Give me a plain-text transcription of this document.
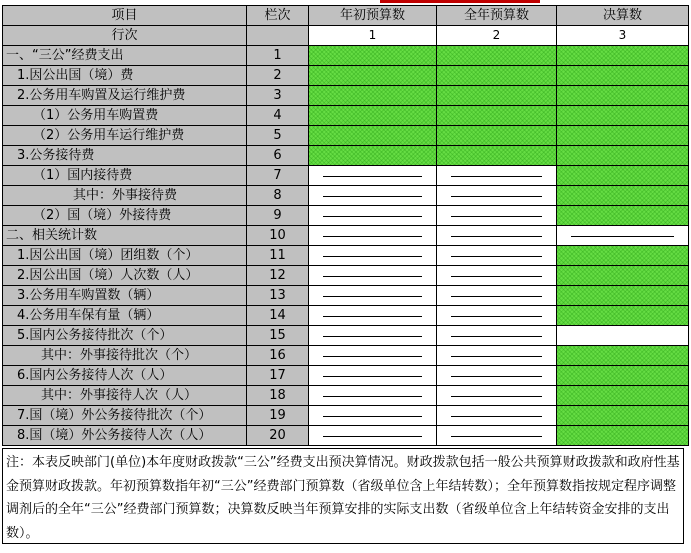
项目	栏次	年初预算数	全年预算数	决算数
行次		1	2	3
一、“三公”经费支出	1			
1.因公出国（境）费	2			
2.公务用车购置及运行维护费	3			
（1）公务用车购置费	4			
（2）公务用车运行维护费	5			
3.公务接待费	6			
（1）国内接待费	7			
其中：外事接待费	8			
（2）国（境）外接待费	9			
二、相关统计数	10			
1.因公出国（境）团组数（个）	11			
2.因公出国（境）人次数（人）	12			
3.公务用车购置数（辆）	13			
4.公务用车保有量（辆）	14			
5.国内公务接待批次（个）	15			
其中：外事接待批次（个）	16			
6.国内公务接待人次（人）	17			
其中：外事接待人次（人）	18			
7.国（境）外公务接待批次（个）	19			
8.国（境）外公务接待人次（人）	20			
注：本表反映部门(单位)本年度财政拨款“三公”经费支出预决算情况。财政拨款包括一般公共预算财政拨款和政府性基金预算财政拨款。年初预算数指年初“三公”经费部门预算数（省级单位含上年结转数）；全年预算数指按规定程序调整调剂后的全年“三公”经费部门预算数；决算数反映当年预算安排的实际支出数（省级单位含上年结转资金安排的支出数）。
